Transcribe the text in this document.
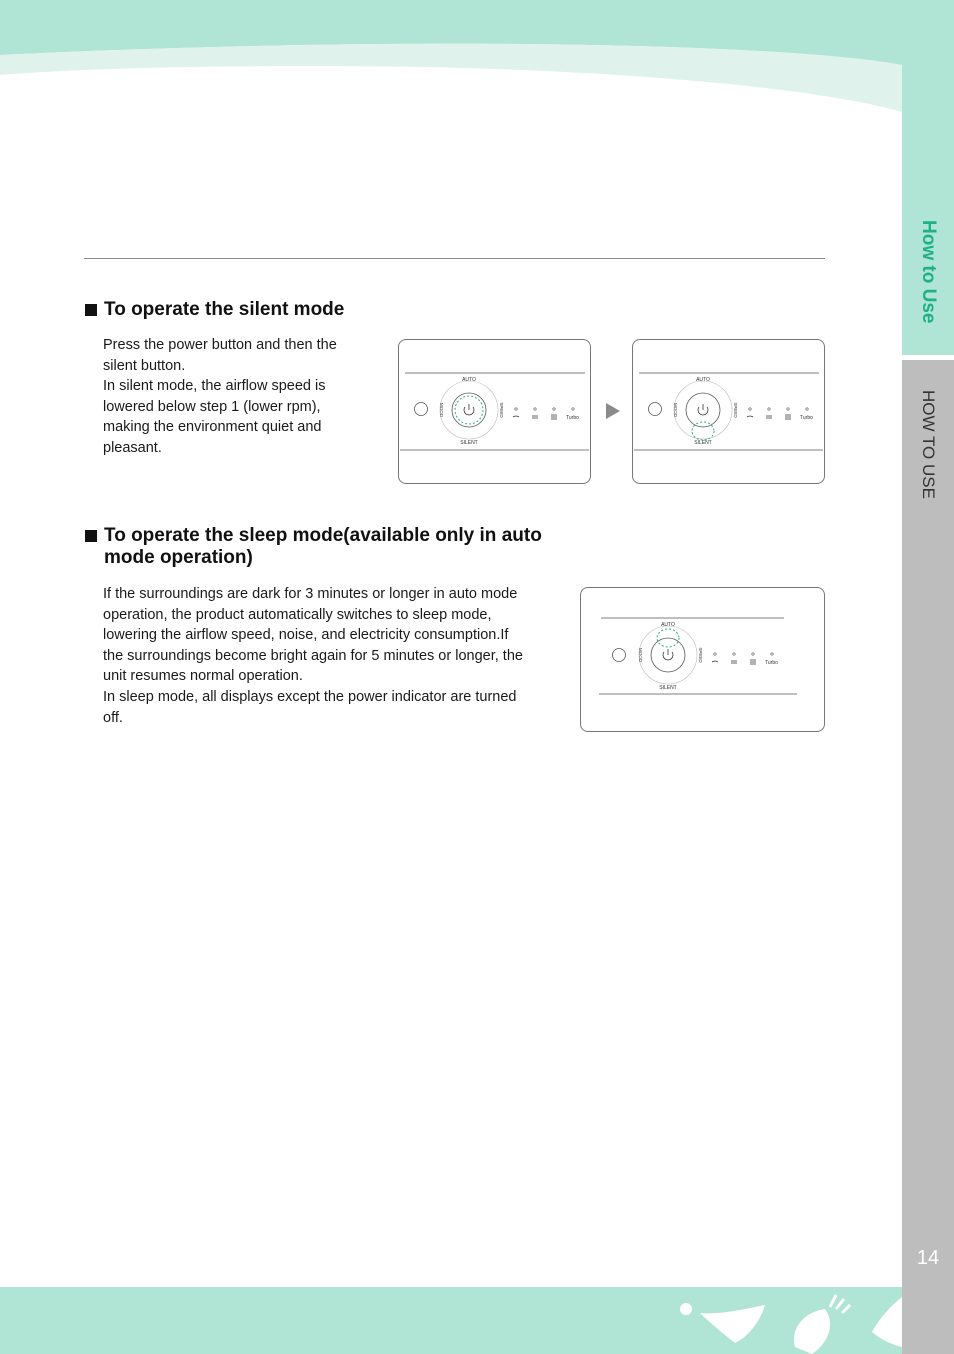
How to Use
HOW TO USE
14
To operate the silent mode

Press the power button and then the silent button.

In silent mode, the airflow speed is lowered below step 1 (lower rpm), making the environment quiet and pleasant.

AUTO
SILENT
MOOD	SPEED
Turbo
AUTO
SILENT
MOOD	SPEED
Turbo
To operate the sleep mode(available only in auto mode operation)

If the surroundings are dark for 3 minutes or longer in auto mode operation, the product automatically switches to sleep mode, lowering the airflow speed, noise, and electricity consumption.If the surroundings become bright again for 5 minutes or longer, the unit resumes normal operation.

In sleep mode, all displays except the power indicator are turned off.

AUTO
SILENT
MOOD	SPEED
Turbo
